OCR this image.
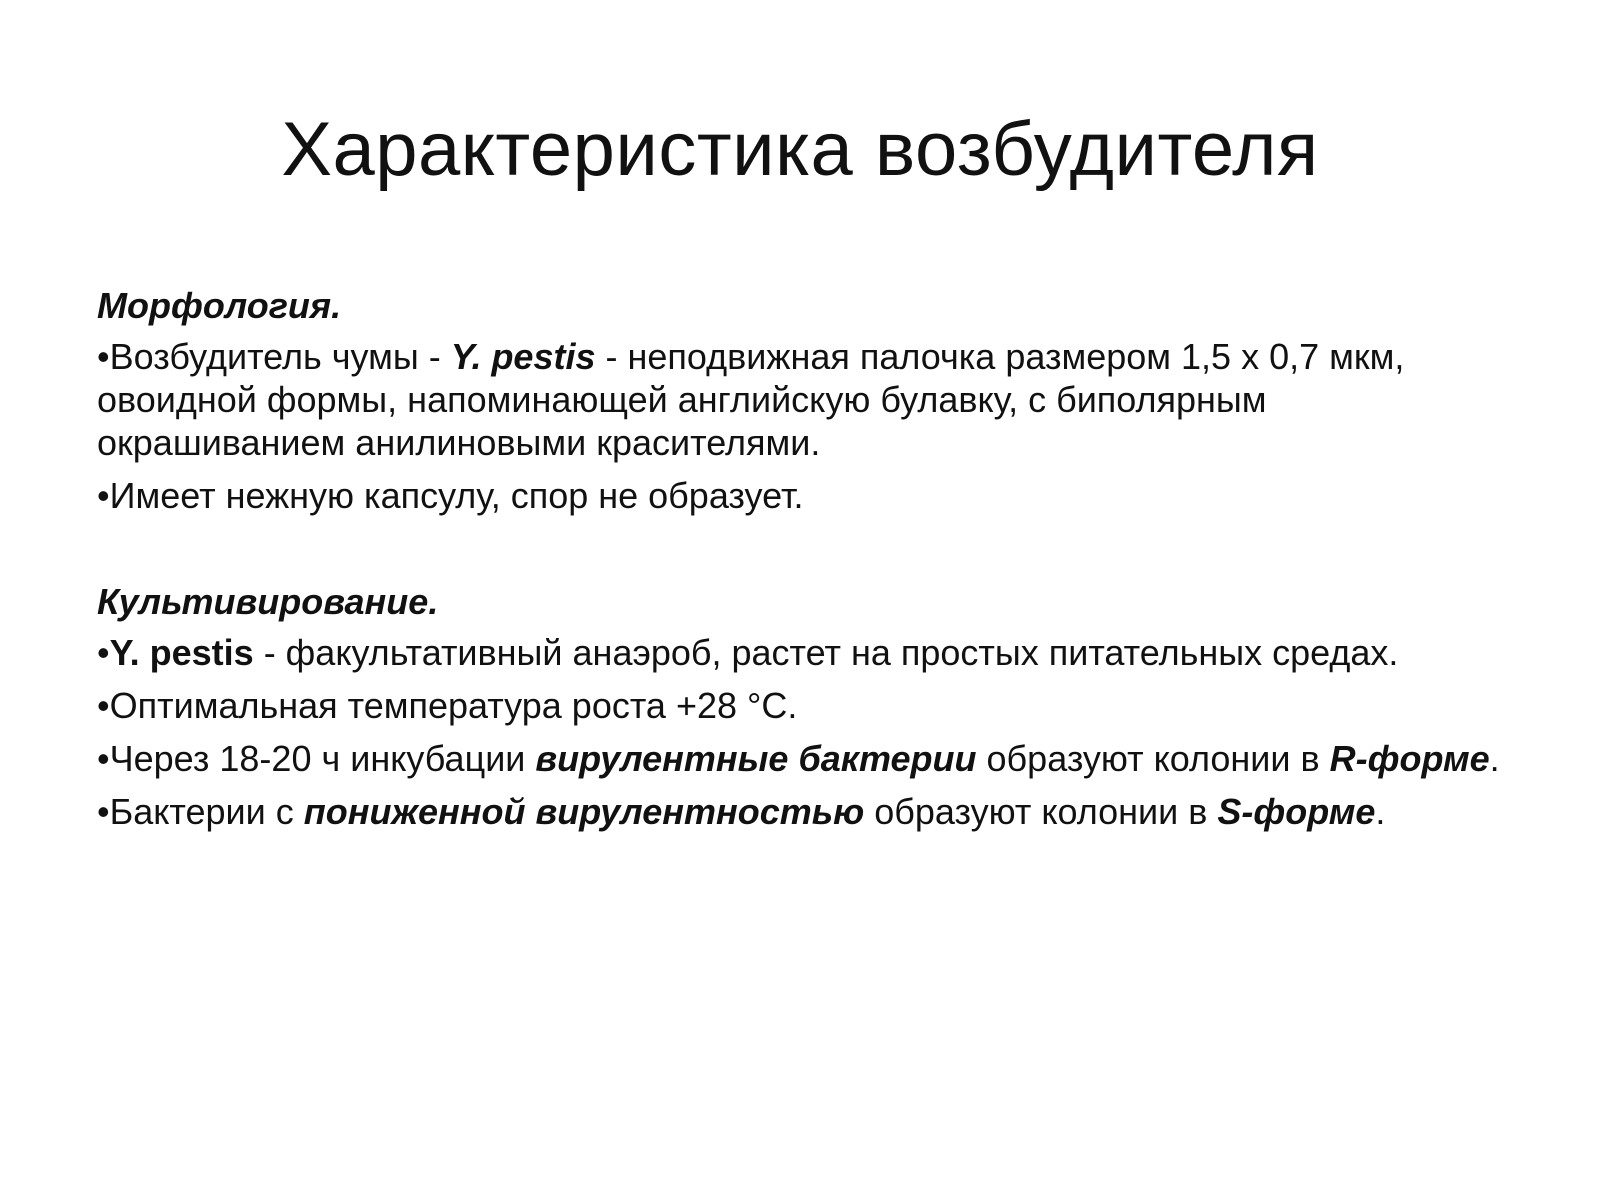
Характеристика возбудителя
Морфология.
•Возбудитель чумы - Y. pestis - неподвижная палочка размером 1,5 х 0,7 мкм, овоидной формы, напоминающей английскую булавку, с биполярным окрашиванием анилиновыми красителями.
•Имеет нежную капсулу, спор не образует.
Культивирование.
•Y. pestis - факультативный анаэроб, растет на простых питательных средах.
•Оптимальная температура роста +28 °С.
•Через 18-20 ч инкубации вирулентные бактерии образуют колонии в R-форме.
•Бактерии с пониженной вирулентностью образуют колонии в S-форме.
